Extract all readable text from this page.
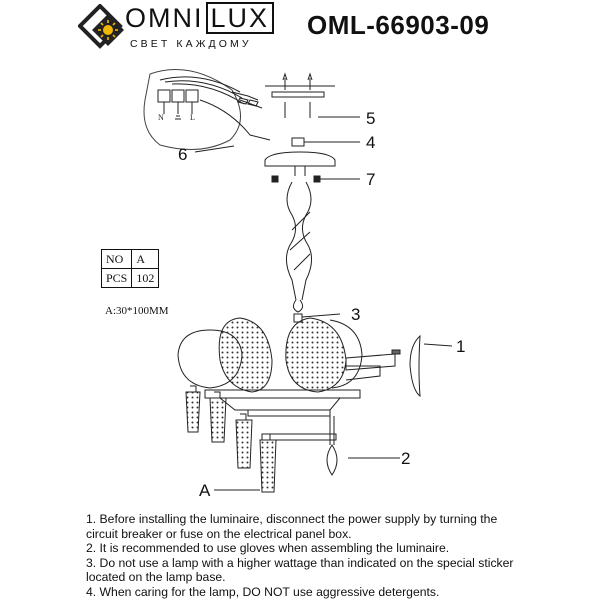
OMNI LUX
СВЕТ КАЖДОМУ
OML-66903-09
NO	A
PCS	102
A:30*100MM
1
2
3
4
5
6
7
A
N	L

1. Before installing the luminaire, disconnect the power supply by turning the circuit breaker or fuse on the electrical panel box.

2. It is recommended to use gloves when assembling the luminaire.

3. Do not use a lamp with a higher wattage than indicated on the special sticker located on the lamp base.

4. When caring for the lamp, DO NOT use aggressive detergents.
